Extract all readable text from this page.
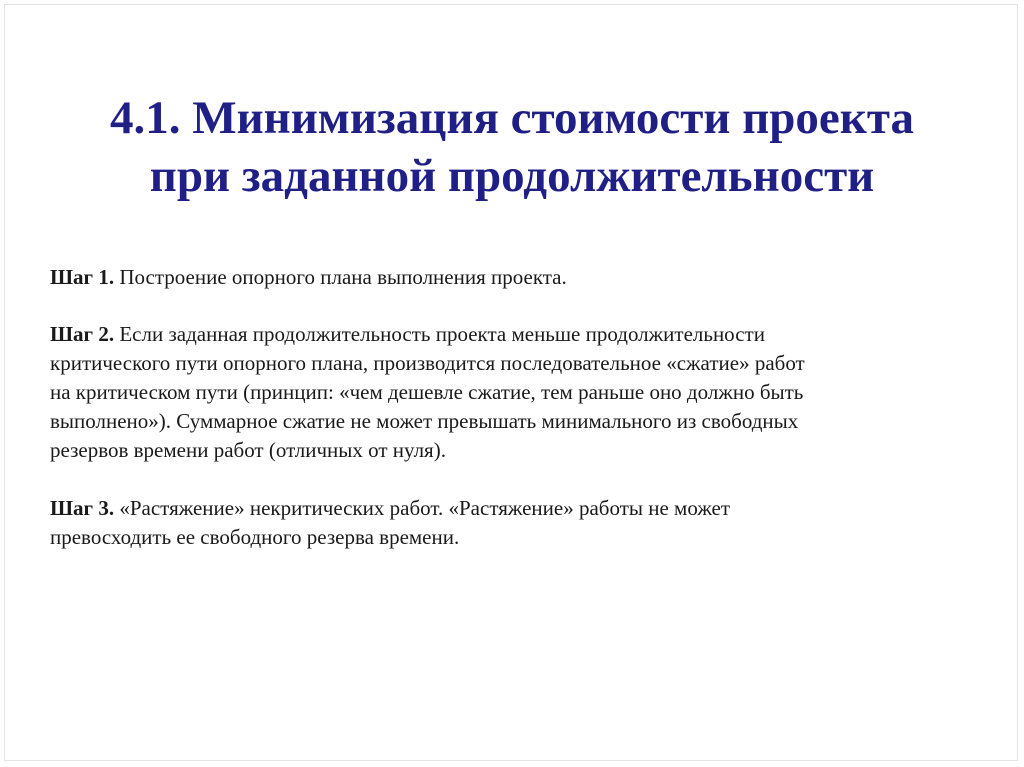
4.1. Минимизация стоимости проекта
при заданной продолжительности

Шаг 1. Построение опорного плана выполнения проекта.

Шаг 2. Если заданная продолжительность проекта меньше продолжительности
критического пути опорного плана, производится последовательное «сжатие» работ
на критическом пути (принцип: «чем дешевле сжатие, тем раньше оно должно быть
выполнено»). Суммарное сжатие не может превышать минимального из свободных
резервов времени работ (отличных от нуля).

Шаг 3. «Растяжение» некритических работ. «Растяжение» работы не может
превосходить ее свободного резерва времени.
